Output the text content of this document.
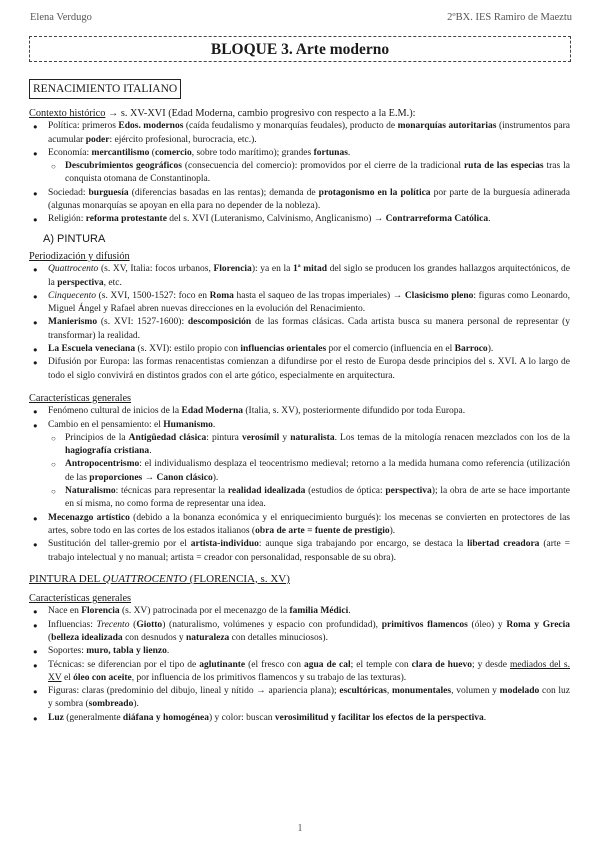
Elena Verdugo	2ºBX. IES Ramiro de Maeztu
BLOQUE 3. Arte moderno
RENACIMIENTO ITALIANO
Contexto histórico → s. XV-XVI (Edad Moderna, cambio progresivo con respecto a la E.M.):
● Política: primeros Edos. modernos (caída feudalismo y monarquías feudales), producto de monarquías autoritarias (instrumentos para acumular poder: ejército profesional, burocracia, etc.).
● Economía: mercantilismo (comercio, sobre todo marítimo); grandes fortunas.
○ Descubrimientos geográficos (consecuencia del comercio): promovidos por el cierre de la tradicional ruta de las especias tras la conquista otomana de Constantinopla.
● Sociedad: burguesía (diferencias basadas en las rentas); demanda de protagonismo en la política por parte de la burguesía adinerada (algunas monarquías se apoyan en ella para no depender de la nobleza).
● Religión: reforma protestante del s. XVI (Luteranismo, Calvinismo, Anglicanismo) → Contrarreforma Católica.
A) PINTURA
Periodización y difusión
● Quattrocento (s. XV, Italia: focos urbanos, Florencia): ya en la 1ª mitad del siglo se producen los grandes hallazgos arquitectónicos, de la perspectiva, etc.
● Cinquecento (s. XVI, 1500-1527: foco en Roma hasta el saqueo de las tropas imperiales) → Clasicismo pleno: figuras como Leonardo, Miguel Ángel y Rafael abren nuevas direcciones en la evolución del Renacimiento.
● Manierismo (s. XVI: 1527-1600): descomposición de las formas clásicas. Cada artista busca su manera personal de representar (y transformar) la realidad.
● La Escuela veneciana (s. XVI): estilo propio con influencias orientales por el comercio (influencia en el Barroco).
● Difusión por Europa: las formas renacentistas comienzan a difundirse por el resto de Europa desde principios del s. XVI. A lo largo de todo el siglo convivirá en distintos grados con el arte gótico, especialmente en arquitectura.
Características generales
● Fenómeno cultural de inicios de la Edad Moderna (Italia, s. XV), posteriormente difundido por toda Europa.
● Cambio en el pensamiento: el Humanismo.
○ Principios de la Antigüedad clásica: pintura verosímil y naturalista. Los temas de la mitología renacen mezclados con los de la hagiografía cristiana.
○ Antropocentrismo: el individualismo desplaza el teocentrismo medieval; retorno a la medida humana como referencia (utilización de las proporciones → Canon clásico).
○ Naturalismo: técnicas para representar la realidad idealizada (estudios de óptica: perspectiva); la obra de arte se hace importante en sí misma, no como forma de representar una idea.
● Mecenazgo artístico (debido a la bonanza económica y el enriquecimiento burgués): los mecenas se convierten en protectores de las artes, sobre todo en las cortes de los estados italianos (obra de arte = fuente de prestigio).
● Sustitución del taller-gremio por el artista-individuo: aunque siga trabajando por encargo, se destaca la libertad creadora (arte = trabajo intelectual y no manual; artista = creador con personalidad, responsable de su obra).
PINTURA DEL QUATTROCENTO (FLORENCIA, s. XV)
Características generales
● Nace en Florencia (s. XV) patrocinada por el mecenazgo de la familia Médici.
● Influencias: Trecento (Giotto) (naturalismo, volúmenes y espacio con profundidad), primitivos flamencos (óleo) y Roma y Grecia (belleza idealizada con desnudos y naturaleza con detalles minuciosos).
● Soportes: muro, tabla y lienzo.
● Técnicas: se diferencian por el tipo de aglutinante (el fresco con agua de cal; el temple con clara de huevo; y desde mediados del s. XV el óleo con aceite, por influencia de los primitivos flamencos y su trabajo de las texturas).
● Figuras: claras (predominio del dibujo, lineal y nítido → apariencia plana); escultóricas, monumentales, volumen y modelado con luz y sombra (sombreado).
● Luz (generalmente diáfana y homogénea) y color: buscan verosimilitud y facilitar los efectos de la perspectiva.
1
